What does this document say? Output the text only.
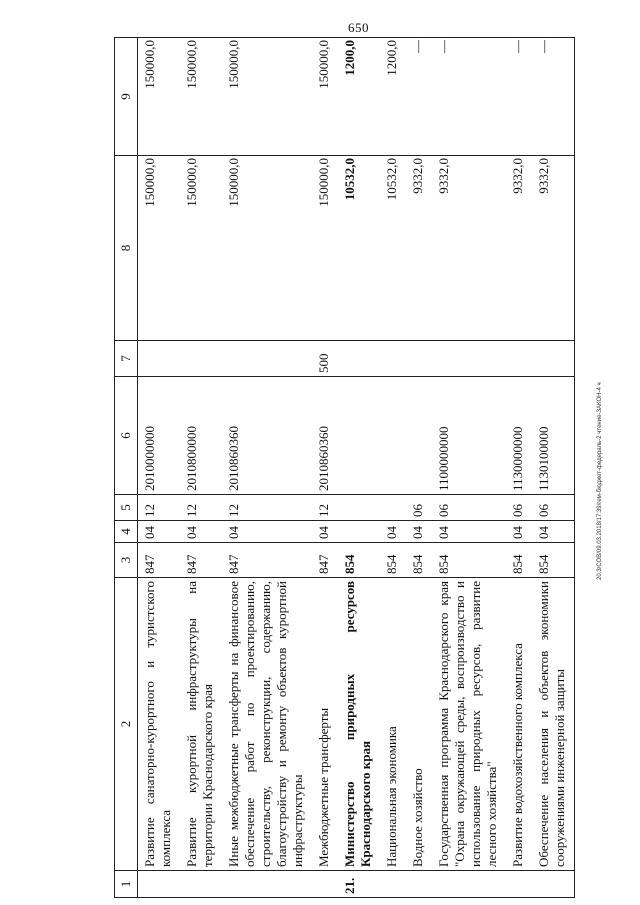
650
20.3/СОВ/09.03.2018/17:39/гем-бюджет-федераль-2 чтение-ЗАКОН-4 ч
1	2	3	4	5	6	7	8	9
	Развитие санаторно-курортного и туристского комплекса	847	04	12	2010000000		150000,0	150000,0
	Развитие курортной инфраструктуры на территории Краснодарского края	847	04	12	2010800000		150000,0	150000,0
	Иные межбюджетные трансферты на финансовое обеспечение работ по проектированию, строительству, реконструкции, содержанию, благоустройству и ремонту объектов курортной инфраструктуры	847	04	12	2010860360		150000,0	150000,0
	Межбюджетные трансферты	847	04	12	2010860360	500	150000,0	150000,0
21.	Министерство природных ресурсов Краснодарского края	854					10532,0	1200,0
	Национальная экономика	854	04				10532,0	1200,0
	Водное хозяйство	854	04	06			9332,0	—
	Государственная программа Краснодарского края "Охрана окружающей среды, воспроизводство и использование природных ресурсов, развитие лесного хозяйства"	854	04	06	1100000000		9332,0	—
	Развитие водохозяйственного комплекса	854	04	06	1130000000		9332,0	—
	Обеспечение населения и объектов экономики сооружениями инженерной защиты	854	04	06	1130100000		9332,0	—
